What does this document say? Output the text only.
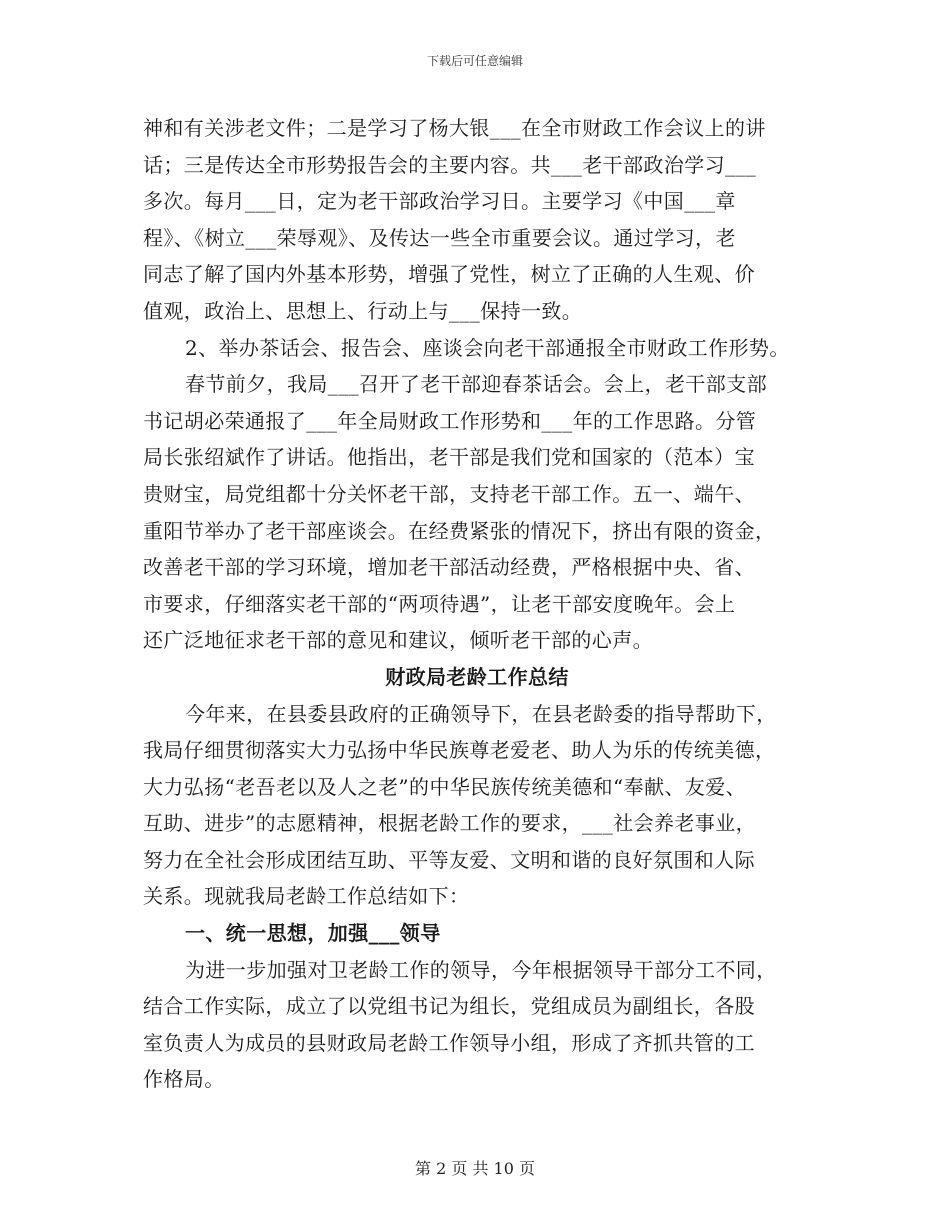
下载后可任意编辑
神和有关涉老文件；二是学习了杨大银___在全市财政工作会议上的讲
话；三是传达全市形势报告会的主要内容。共___老干部政治学习___
多次。每月___日，定为老干部政治学习日。主要学习《中国___章
程》、《树立___荣辱观》、及传达一些全市重要会议。通过学习，老
同志了解了国内外基本形势，增强了党性，树立了正确的人生观、价
值观，政治上、思想上、行动上与___保持一致。
2、举办茶话会、报告会、座谈会向老干部通报全市财政工作形势。
春节前夕，我局___召开了老干部迎春茶话会。会上，老干部支部
书记胡必荣通报了___年全局财政工作形势和___年的工作思路。分管
局长张绍斌作了讲话。他指出，老干部是我们党和国家的（范本）宝
贵财宝，局党组都十分关怀老干部，支持老干部工作。五一、端午、
重阳节举办了老干部座谈会。在经费紧张的情况下，挤出有限的资金，
改善老干部的学习环境，增加老干部活动经费，严格根据中央、省、
市要求，仔细落实老干部的“两项待遇”，让老干部安度晚年。会上
还广泛地征求老干部的意见和建议，倾听老干部的心声。
财政局老龄工作总结
今年来，在县委县政府的正确领导下，在县老龄委的指导帮助下，
我局仔细贯彻落实大力弘扬中华民族尊老爱老、助人为乐的传统美德，
大力弘扬“老吾老以及人之老”的中华民族传统美德和“奉献、友爱、
互助、进步”的志愿精神，根据老龄工作的要求，___社会养老事业，
努力在全社会形成团结互助、平等友爱、文明和谐的良好氛围和人际
关系。现就我局老龄工作总结如下：
一、统一思想，加强___领导
为进一步加强对卫老龄工作的领导，今年根据领导干部分工不同，
结合工作实际，成立了以党组书记为组长，党组成员为副组长，各股
室负责人为成员的县财政局老龄工作领导小组，形成了齐抓共管的工
作格局。
第 2 页 共 10 页
